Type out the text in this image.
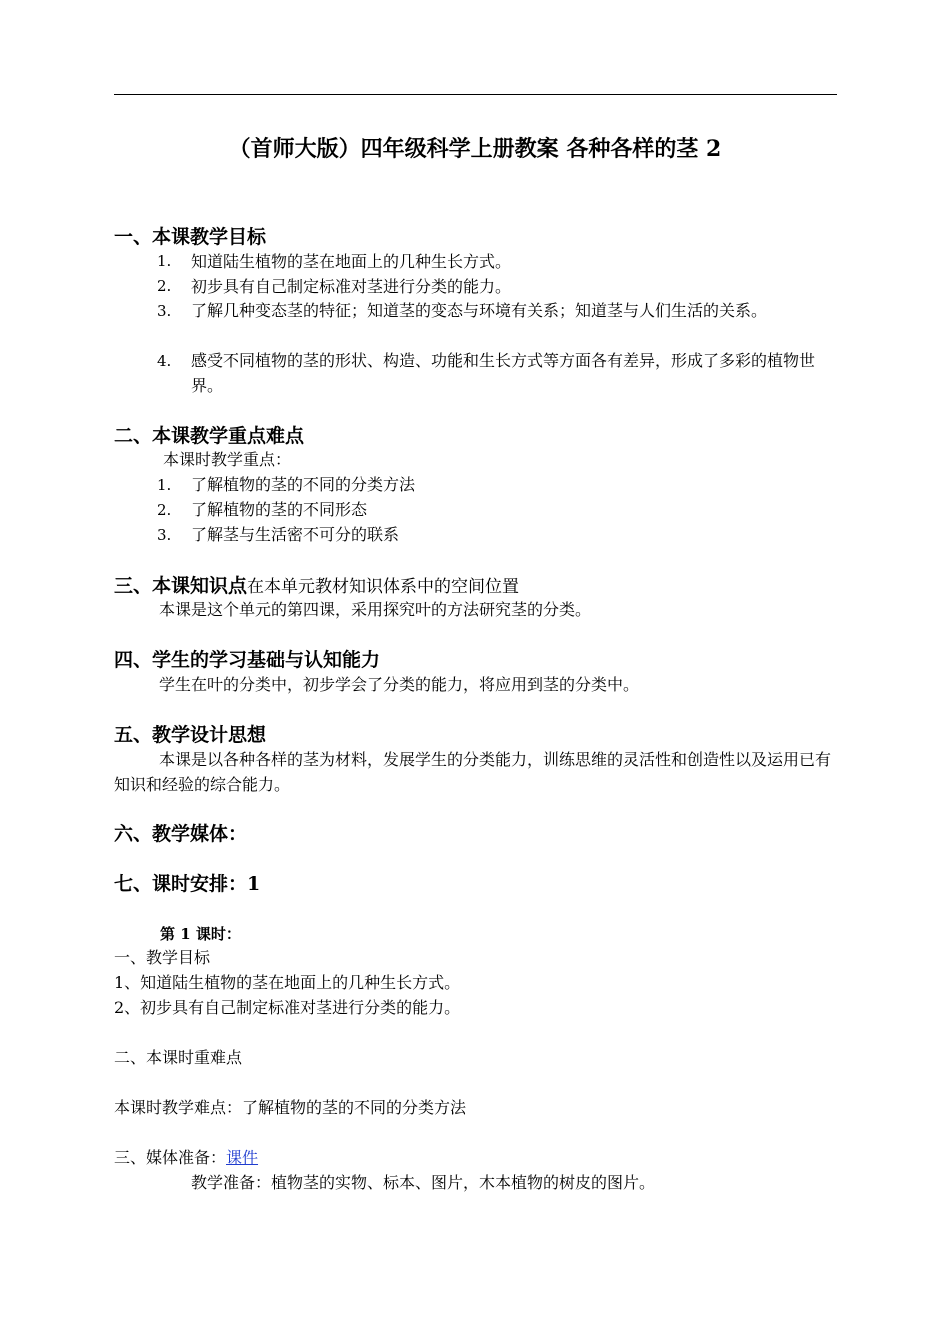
（首师大版）四年级科学上册教案 各种各样的茎 2
一、本课教学目标
1. 知道陆生植物的茎在地面上的几种生长方式。
2. 初步具有自己制定标准对茎进行分类的能力。
3. 了解几种变态茎的特征；知道茎的变态与环境有关系；知道茎与人们生活的关系。
4. 感受不同植物的茎的形状、构造、功能和生长方式等方面各有差异，形成了多彩的植物世界。
二、本课教学重点难点
本课时教学重点：
1. 了解植物的茎的不同的分类方法
2. 了解植物的茎的不同形态
3. 了解茎与生活密不可分的联系
三、本课知识点在本单元教材知识体系中的空间位置
本课是这个单元的第四课，采用探究叶的方法研究茎的分类。
四、学生的学习基础与认知能力
学生在叶的分类中，初步学会了分类的能力，将应用到茎的分类中。
五、教学设计思想
本课是以各种各样的茎为材料，发展学生的分类能力，训练思维的灵活性和创造性以及运用已有知识和经验的综合能力。
六、教学媒体：
七、课时安排：1
第 1 课时：
一、教学目标
1、知道陆生植物的茎在地面上的几种生长方式。
2、初步具有自己制定标准对茎进行分类的能力。
二、本课时重难点
本课时教学难点：了解植物的茎的不同的分类方法
三、媒体准备：课件
教学准备：植物茎的实物、标本、图片，木本植物的树皮的图片。
